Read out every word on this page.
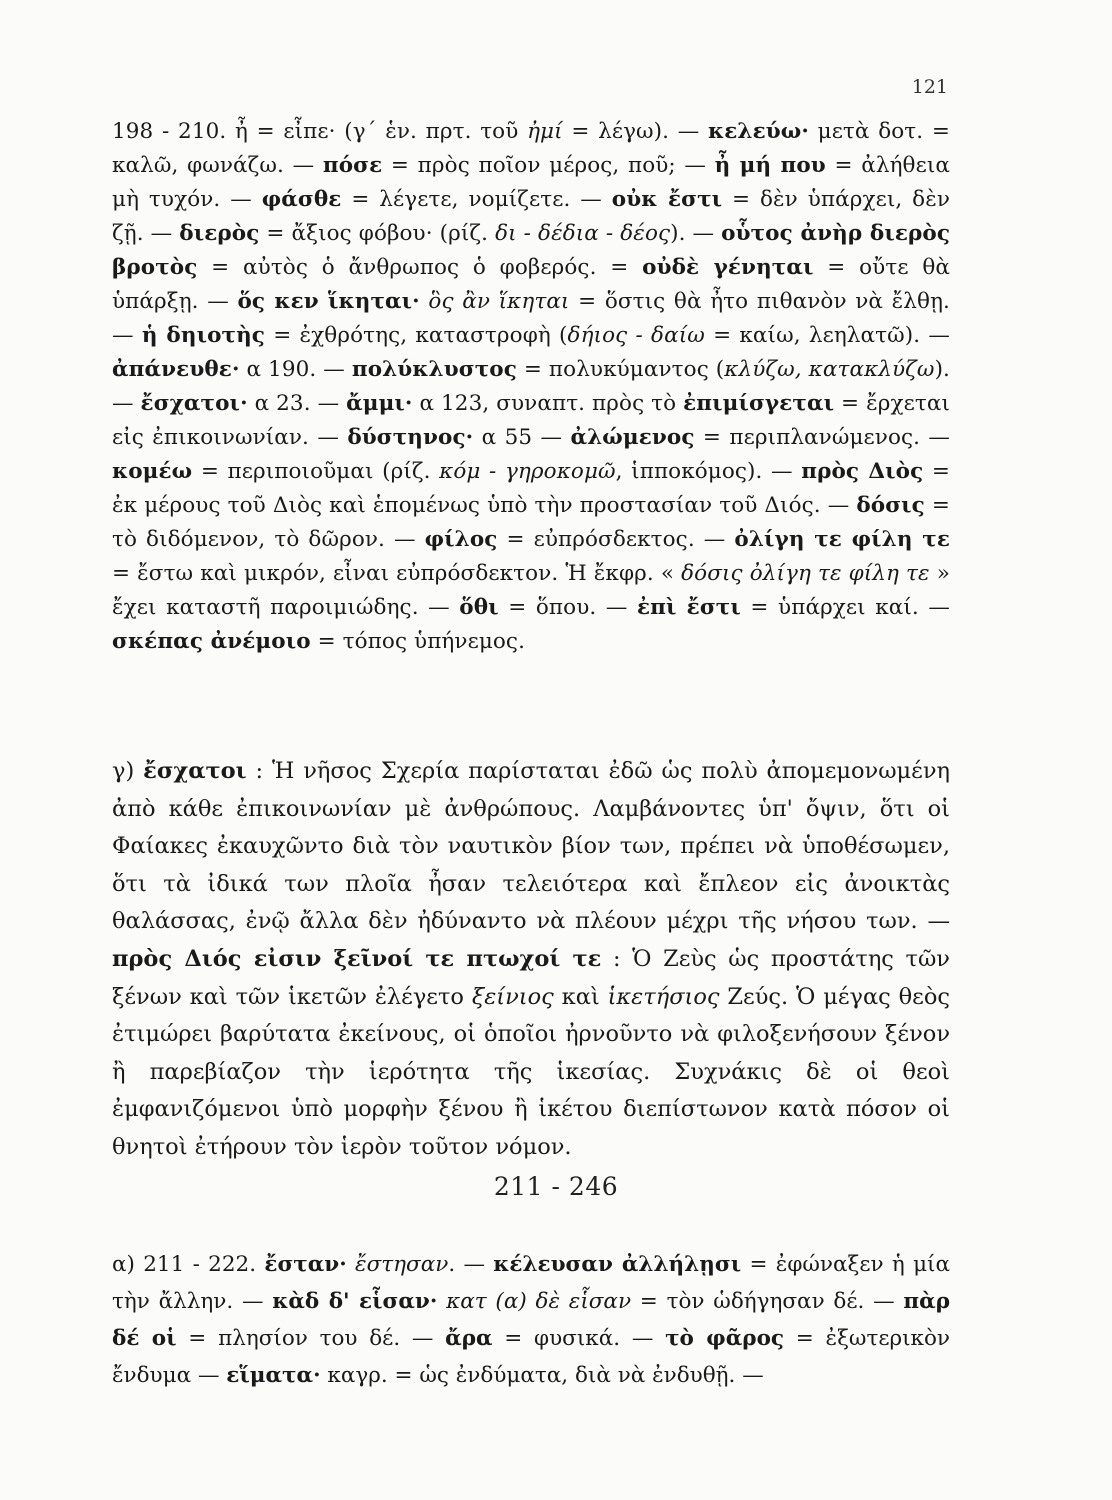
121

198 - 210. ἦ = εἶπε· (γ΄ ἑν. πρτ. τοῦ ἠμί = λέγω). — κελεύω· μετὰ δοτ. = καλῶ, φωνάζω. — πόσε = πρὸς ποῖον μέρος, ποῦ; — ἦ μή που = ἀλήθεια μὴ τυχόν. — φάσθε = λέγετε, νομίζετε. — οὐκ ἔστι = δὲν ὑπάρχει, δὲν ζῇ. — διερὸς = ἄξιος φόβου· (ρίζ. δι - δέδια - δέος). — οὗτος ἀνὴρ διερὸς βροτὸς = αὐτὸς ὁ ἄνθρωπος ὁ φοβερός. = οὐδὲ γένηται = οὔτε θὰ ὑπάρξῃ. — ὅς κεν ἵκηται· ὃς ἂν ἵκηται = ὅστις θὰ ἦτο πιθανὸν νὰ ἔλθῃ. — ἡ δηιοτὴς = ἐχθρότης, καταστροφὴ (δήιος - δαίω = καίω, λεηλατῶ). — ἀπάνευθε· α 190. — πολύκλυστος = πολυκύμαντος (κλύζω, κατακλύζω). — ἔσχατοι· α 23. — ἄμμι· α 123, συναπτ. πρὸς τὸ ἐπιμίσγεται = ἔρχεται εἰς ἐπικοινωνίαν. — δύστηνος· α 55 — ἀλώμενος = περιπλανώμενος. — κομέω = περιποιοῦμαι (ρίζ. κόμ - γηροκομῶ, ἱπποκόμος). — πρὸς Διὸς = ἐκ μέρους τοῦ Διὸς καὶ ἑπομένως ὑπὸ τὴν προστασίαν τοῦ Διός. — δόσις = τὸ διδόμενον, τὸ δῶρον. — φίλος = εὐπρόσδεκτος. — ὀλίγη τε φίλη τε = ἔστω καὶ μικρόν, εἶναι εὐπρόσδεκτον. Ἡ ἔκφρ. « δόσις ὀλίγη τε φίλη τε » ἔχει καταστῆ παροιμιώδης. — ὅθι = ὅπου. — ἐπὶ ἔστι = ὑπάρχει καί. — σκέπας ἀνέμοιο = τόπος ὑπήνεμος.

γ) ἔσχατοι : Ἡ νῆσος Σχερία παρίσταται ἐδῶ ὡς πολὺ ἀπομεμονωμένη ἀπὸ κάθε ἐπικοινωνίαν μὲ ἀνθρώπους. Λαμβάνοντες ὑπ' ὄψιν, ὅτι οἱ Φαίακες ἐκαυχῶντο διὰ τὸν ναυτικὸν βίον των, πρέπει νὰ ὑποθέσωμεν, ὅτι τὰ ἰδικά των πλοῖα ἦσαν τελειότερα καὶ ἔπλεον εἰς ἀνοικτὰς θαλάσσας, ἐνῷ ἄλλα δὲν ἠδύναντο νὰ πλέουν μέχρι τῆς νήσου των. — πρὸς Διός εἰσιν ξεῖνοί τε πτωχοί τε : Ὁ Ζεὺς ὡς προστάτης τῶν ξένων καὶ τῶν ἱκετῶν ἐλέγετο ξείνιος καὶ ἱκετήσιος Ζεύς. Ὁ μέγας θεὸς ἐτιμώρει βαρύτατα ἐκείνους, οἱ ὁποῖοι ἠρνοῦντο νὰ φιλοξενήσουν ξένον ἢ παρεβίαζον τὴν ἱερότητα τῆς ἱκεσίας. Συχνάκις δὲ οἱ θεοὶ ἐμφανιζόμενοι ὑπὸ μορφὴν ξένου ἢ ἱκέτου διεπίστωνον κατὰ πόσον οἱ θνητοὶ ἐτήρουν τὸν ἱερὸν τοῦτον νόμον.

211 - 246

α) 211 - 222. ἔσταν· ἔστησαν. — κέλευσαν ἀλλήλῃσι = ἐφώναξεν ἡ μία τὴν ἄλλην. — κὰδ δ' εἷσαν· κατ (α) δὲ εἷσαν = τὸν ὡδήγησαν δέ. — πὰρ δέ οἱ = πλησίον του δέ. — ἄρα = φυσικά. — τὸ φᾶρος = ἐξωτερικὸν ἔνδυμα — εἵματα· καγρ. = ὡς ἐνδύματα, διὰ νὰ ἐνδυθῇ. —
